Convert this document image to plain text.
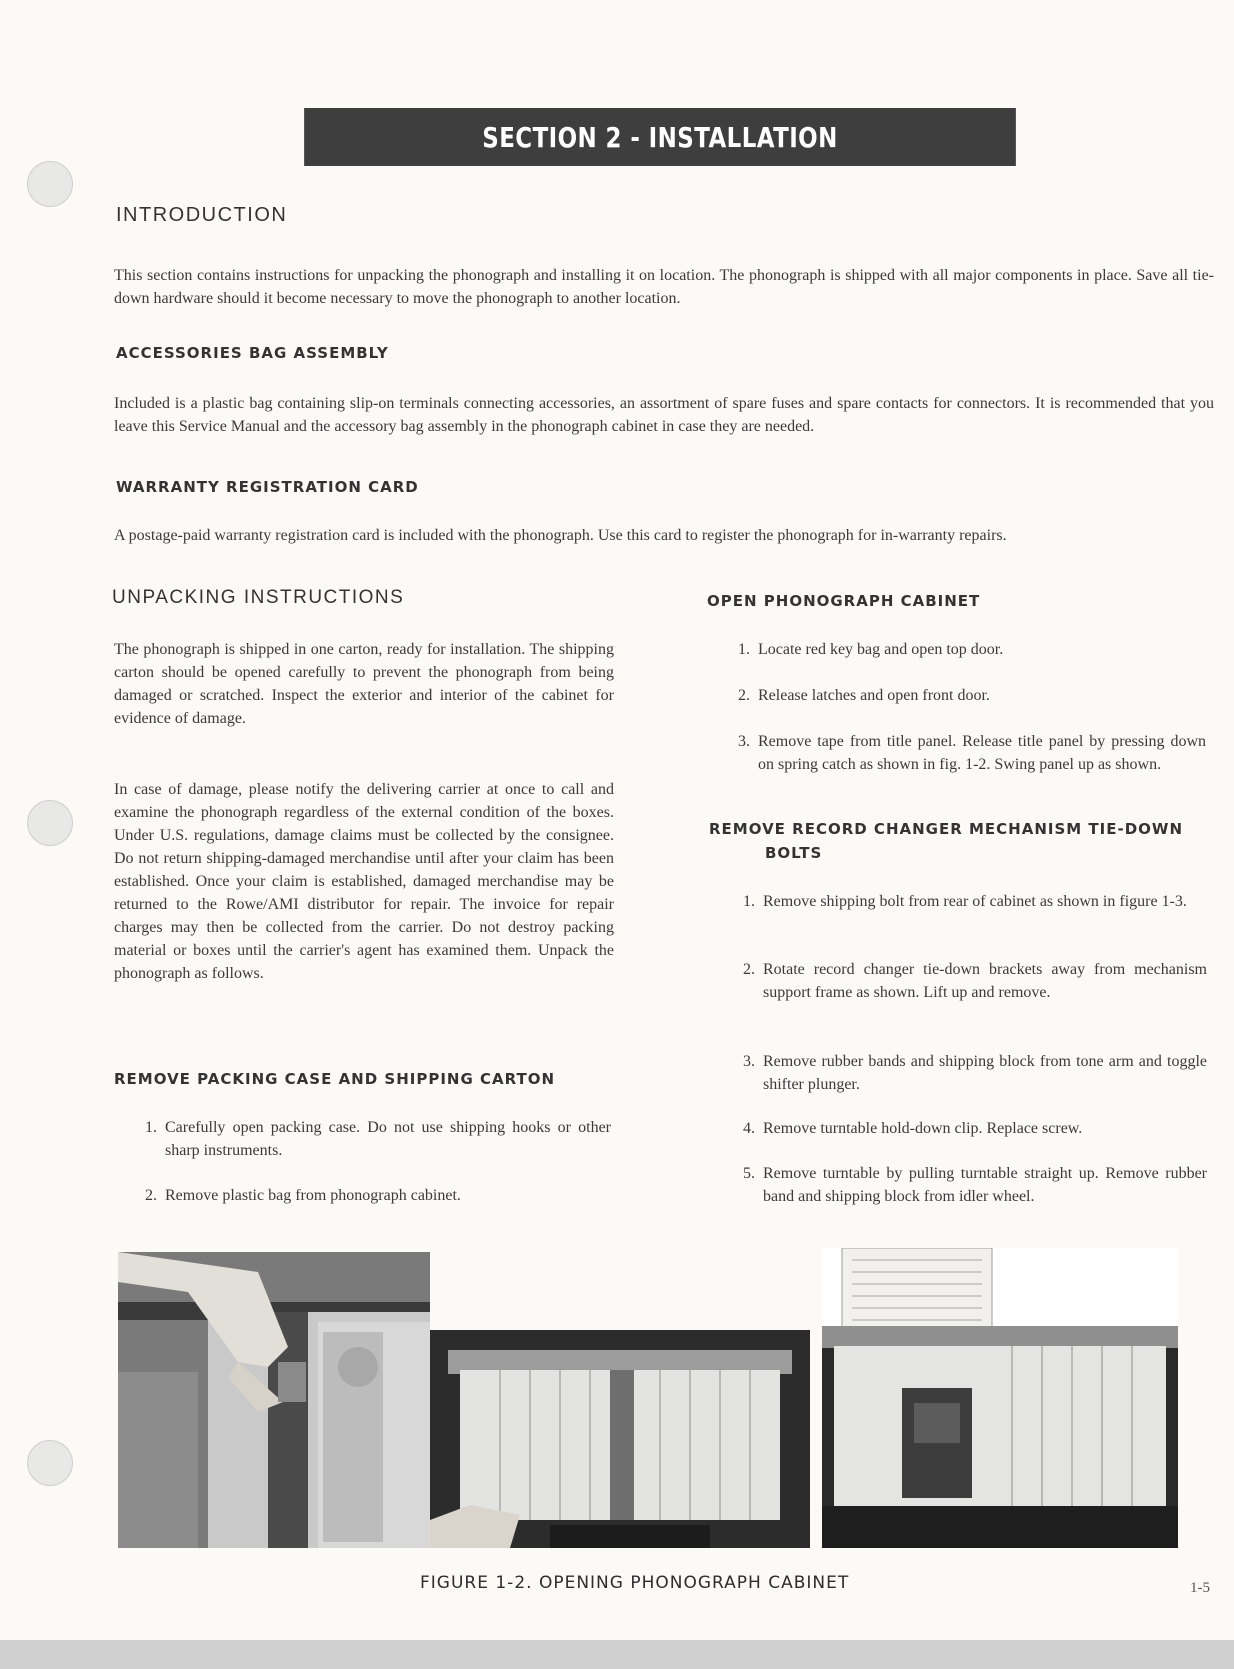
SECTION 2 - INSTALLATION
INTRODUCTION

This section contains instructions for unpacking the phonograph and installing it on location. The phonograph is shipped with all major components in place. Save all tie-down hardware should it become necessary to move the phonograph to another location.

ACCESSORIES BAG ASSEMBLY

Included is a plastic bag containing slip-on terminals connecting accessories, an assortment of spare fuses and spare contacts for connectors. It is recommended that you leave this Service Manual and the accessory bag assembly in the phonograph cabinet in case they are needed.

WARRANTY REGISTRATION CARD

A postage-paid warranty registration card is included with the phonograph. Use this card to register the phonograph for in-warranty repairs.

UNPACKING INSTRUCTIONS

The phonograph is shipped in one carton, ready for installation. The shipping carton should be opened carefully to prevent the phonograph from being damaged or scratched. Inspect the exterior and interior of the cabinet for evidence of damage.

In case of damage, please notify the delivering carrier at once to call and examine the phonograph regardless of the external condition of the boxes. Under U.S. regulations, damage claims must be collected by the consignee. Do not return shipping-damaged merchandise until after your claim has been established. Once your claim is established, damaged merchandise may be returned to the Rowe/AMI distributor for repair. The invoice for repair charges may then be collected from the carrier. Do not destroy packing material or boxes until the carrier's agent has examined them. Unpack the phonograph as follows.

REMOVE PACKING CASE AND SHIPPING CARTON
1. Carefully open packing case. Do not use shipping hooks or other sharp instruments.
2. Remove plastic bag from phonograph cabinet.
OPEN PHONOGRAPH CABINET
1. Locate red key bag and open top door.
2. Release latches and open front door.
3. Remove tape from title panel. Release title panel by pressing down on spring catch as shown in fig. 1-2. Swing panel up as shown.
REMOVE RECORD CHANGER MECHANISM TIE-DOWN
BOLTS
1. Remove shipping bolt from rear of cabinet as shown in figure 1-3.
2. Rotate record changer tie-down brackets away from mechanism support frame as shown. Lift up and remove.
3. Remove rubber bands and shipping block from tone arm and toggle shifter plunger.
4. Remove turntable hold-down clip. Replace screw.
5. Remove turntable by pulling turntable straight up. Remove rubber band and shipping block from idler wheel.
FIGURE 1-2. OPENING PHONOGRAPH CABINET	1-5
